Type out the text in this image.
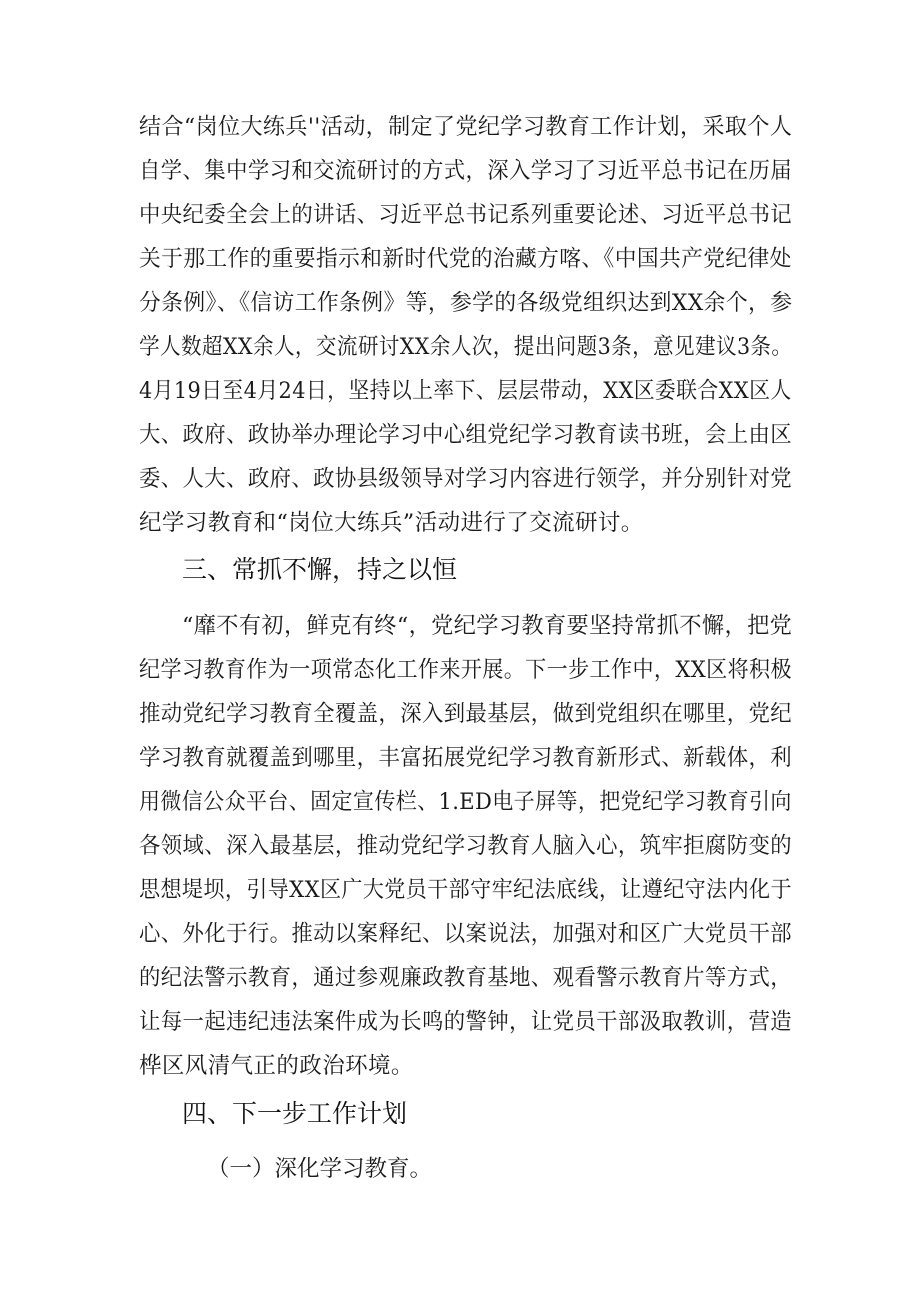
结合“岗位大练兵''活动，制定了党纪学习教育工作计划，采取个人
自学、集中学习和交流研讨的方式，深入学习了习近平总书记在历届
中央纪委全会上的讲话、习近平总书记系列重要论述、习近平总书记
关于那工作的重要指示和新时代党的治藏方喀、《中国共产党纪律处
分条例》、《信访工作条例》等，参学的各级党组织达到XX余个，参
学人数超XX余人，交流研讨XX余人次，提出问题3条，意见建议3条。
4月19日至4月24日，坚持以上率下、层层带动，XX区委联合XX区人
大、政府、政协举办理论学习中心组党纪学习教育读书班，会上由区
委、人大、政府、政协县级领导对学习内容进行领学，并分别针对党
纪学习教育和“岗位大练兵”活动进行了交流研讨。
三、常抓不懈，持之以恒
“靡不有初，鲜克有终“，党纪学习教育要坚持常抓不懈，把党
纪学习教育作为一项常态化工作来开展。下一步工作中，XX区将积极
推动党纪学习教育全覆盖，深入到最基层，做到党组织在哪里，党纪
学习教育就覆盖到哪里，丰富拓展党纪学习教育新形式、新载体，利
用微信公众平台、固定宣传栏、1.ED电子屏等，把党纪学习教育引向
各领域、深入最基层，推动党纪学习教育人脑入心，筑牢拒腐防变的
思想堤坝，引导XX区广大党员干部守牢纪法底线，让遵纪守法内化于
心、外化于行。推动以案释纪、以案说法，加强对和区广大党员干部
的纪法警示教育，通过参观廉政教育基地、观看警示教育片等方式，
让每一起违纪违法案件成为长鸣的警钟，让党员干部汲取教训，营造
桦区风清气正的政治环境。
四、下一步工作计划
（一）深化学习教育。
